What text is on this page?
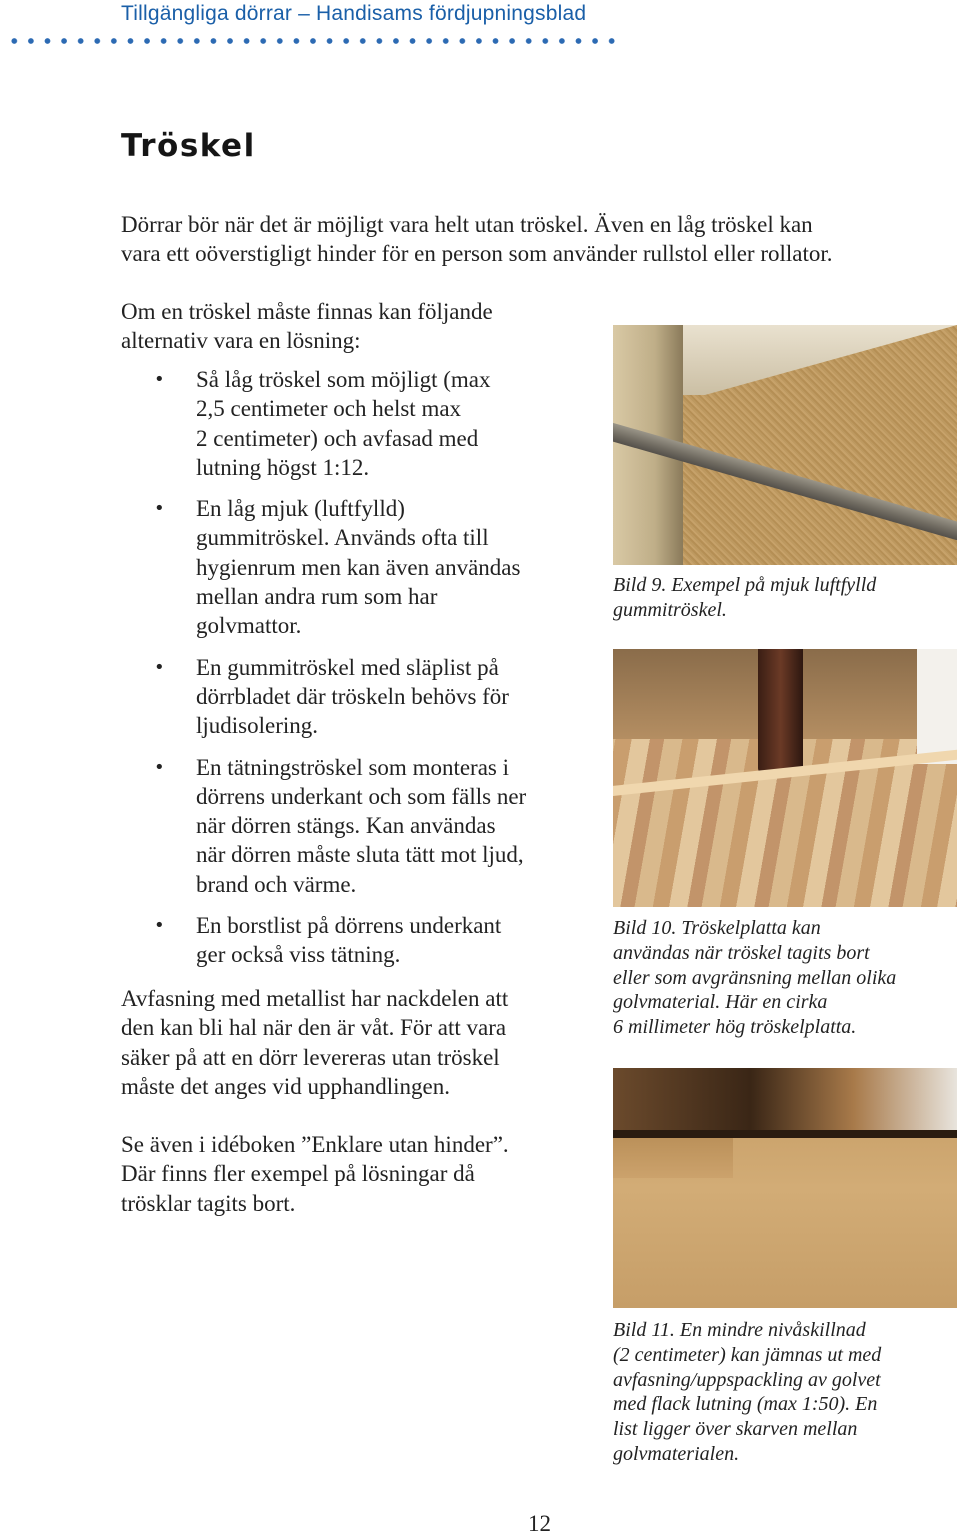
Tillgängliga dörrar – Handisams fördjupningsblad
Tröskel
Dörrar bör när det är möjligt vara helt utan tröskel. Även en låg tröskel kan
vara ett oöverstigligt hinder för en person som använder rullstol eller rollator.
Om en tröskel måste finnas kan följande
alternativ vara en lösning:
• Så låg tröskel som möjligt (max
2,5 centimeter och helst max
2 centimeter) och avfasad med
lutning högst 1:12.
• En låg mjuk (luftfylld)
gummitröskel. Används ofta till
hygienrum men kan även användas
mellan andra rum som har
golvmattor.
• En gummitröskel med släplist på
dörrbladet där tröskeln behövs för
ljudisolering.
• En tätningströskel som monteras i
dörrens underkant och som fälls ner
när dörren stängs. Kan användas
när dörren måste sluta tätt mot ljud,
brand och värme.
• En borstlist på dörrens underkant
ger också viss tätning.
Avfasning med metallist har nackdelen att
den kan bli hal när den är våt. För att vara
säker på att en dörr levereras utan tröskel
måste det anges vid upphandlingen.
Se även i idéboken ”Enklare utan hinder”.
Där finns fler exempel på lösningar då
trösklar tagits bort.
Bild 9. Exempel på mjuk luftfylld
gummitröskel.
Bild 10. Tröskelplatta kan
användas när tröskel tagits bort
eller som avgränsning mellan olika
golvmaterial. Här en cirka
6 millimeter hög tröskelplatta.
Bild 11. En mindre nivåskillnad
(2 centimeter) kan jämnas ut med
avfasning/uppspackling av golvet
med flack lutning (max 1:50). En
list ligger över skarven mellan
golvmaterialen.
12
